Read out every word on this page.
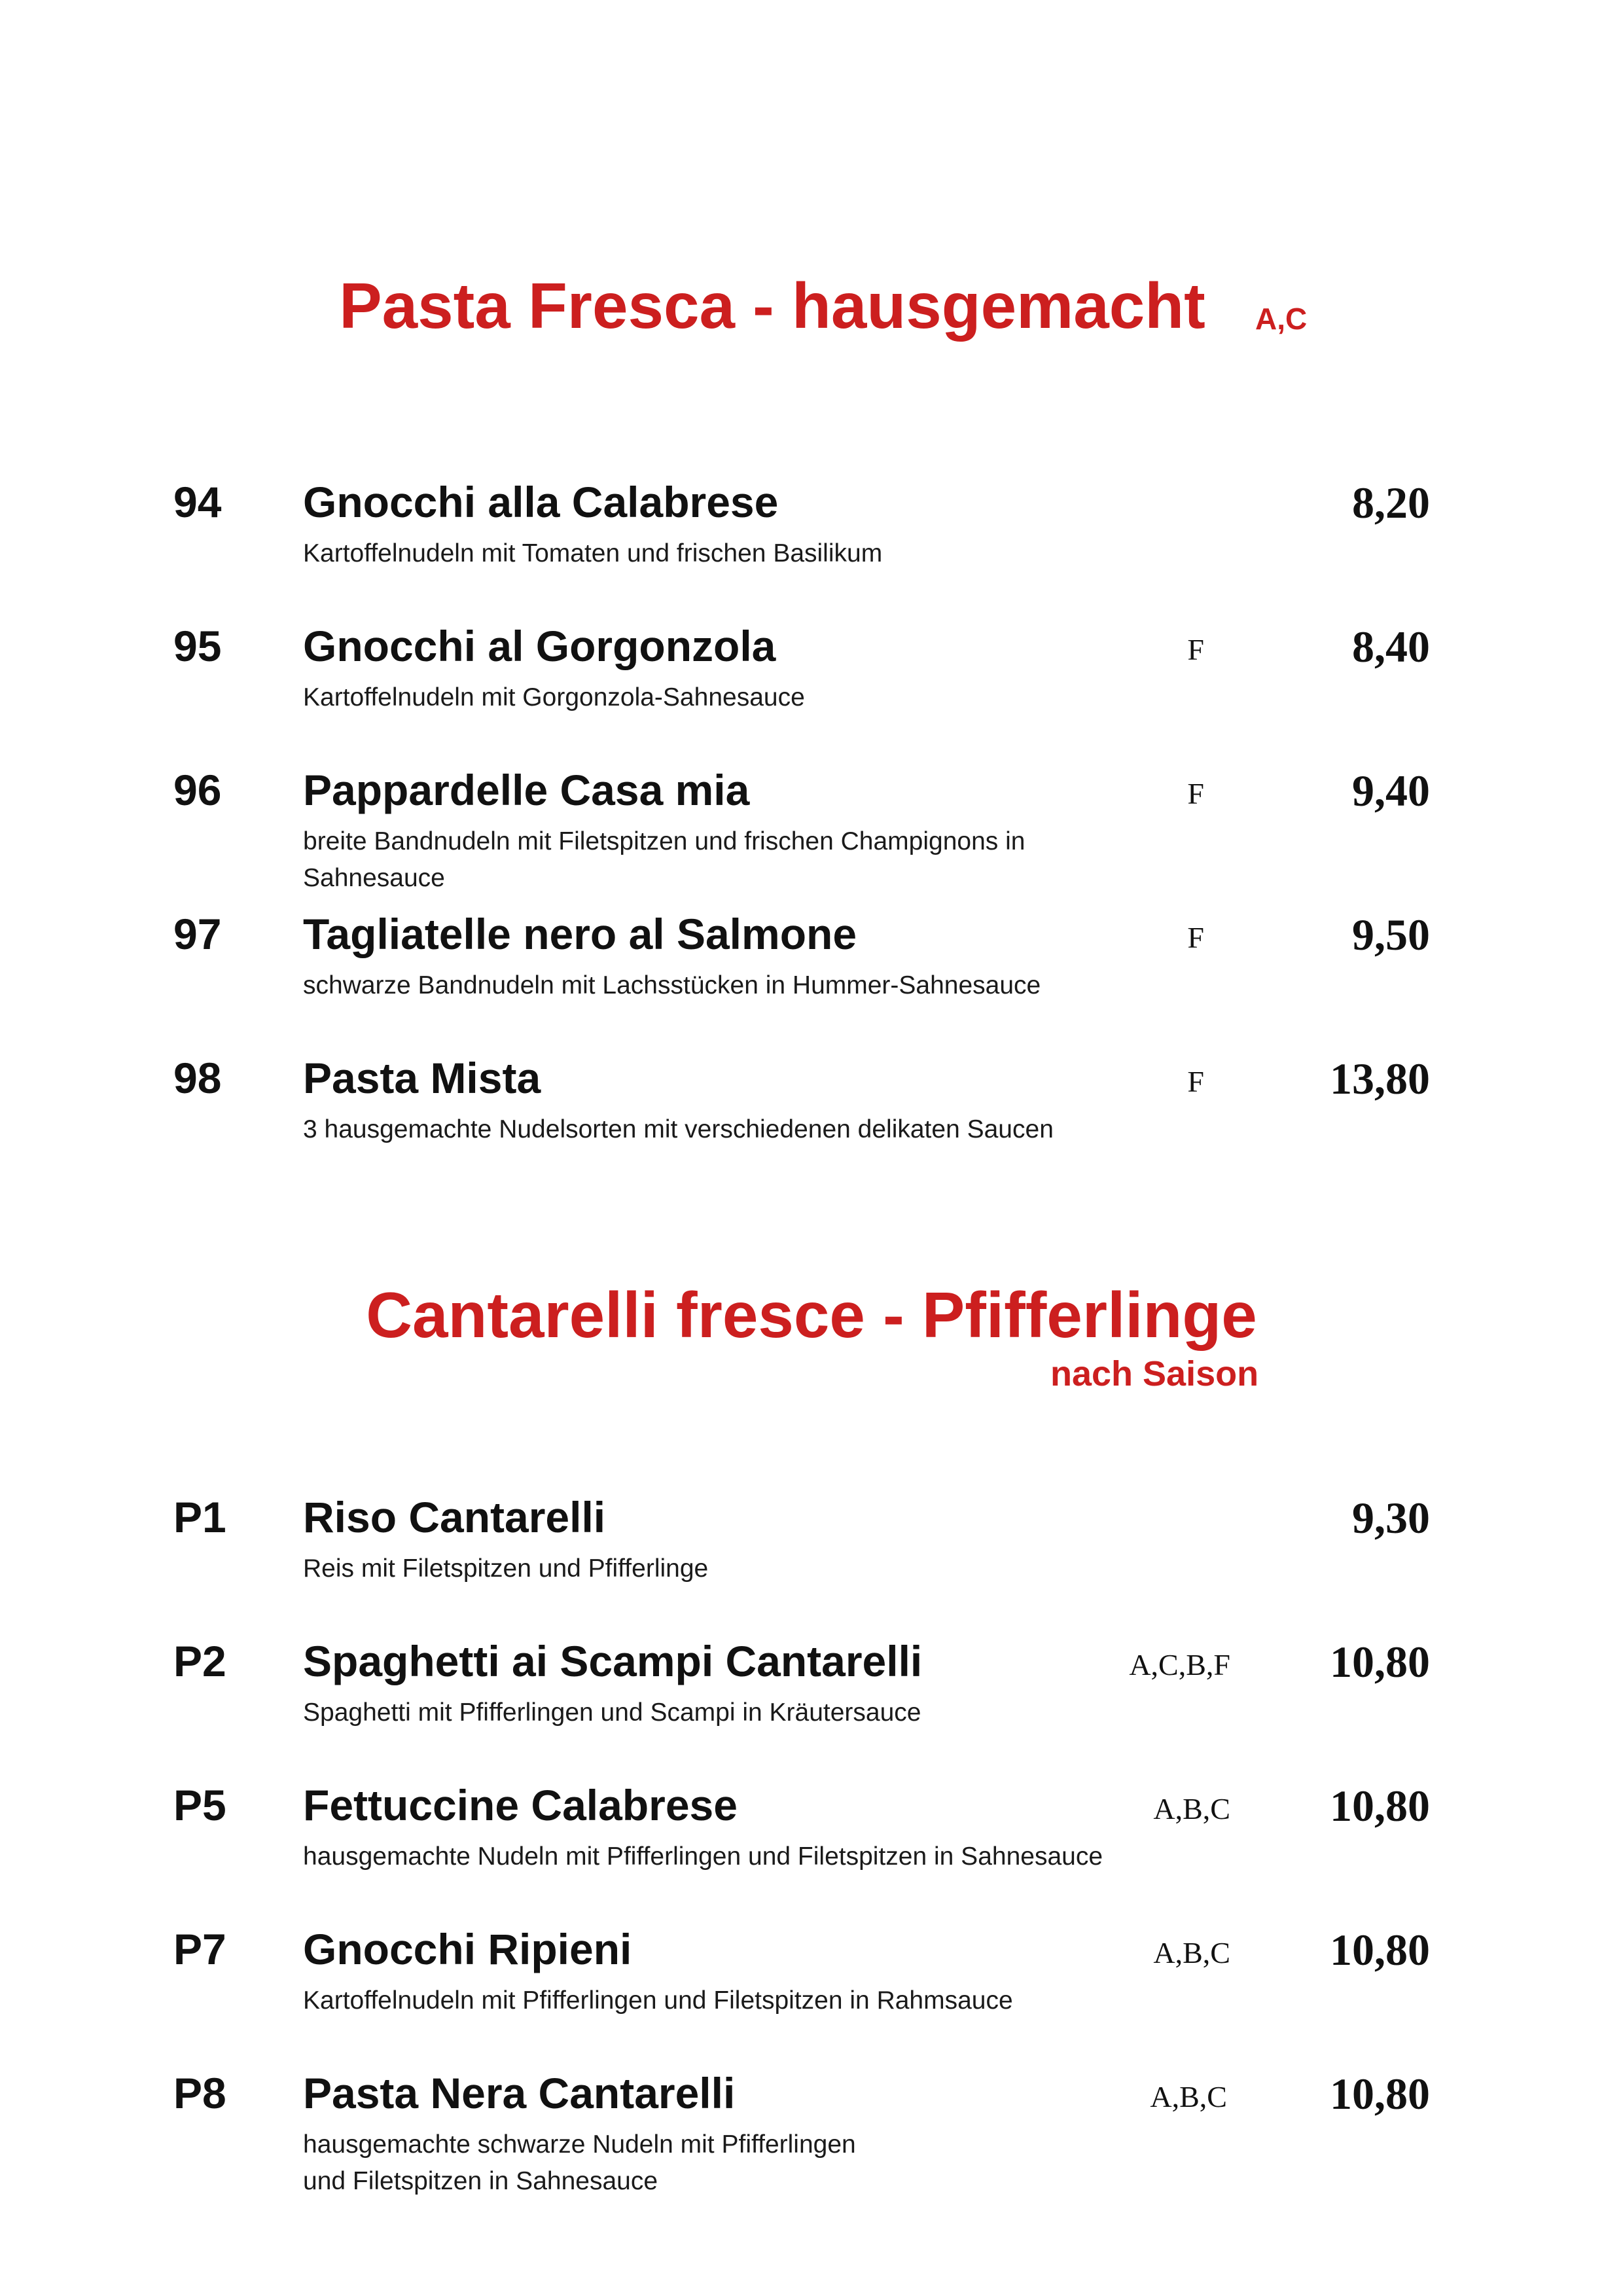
Pasta Fresca - hausgemacht	A,C
94 Gnocchi alla Calabrese	8,20
Kartoffelnudeln mit Tomaten und frischen Basilikum
95 Gnocchi al Gorgonzola	F	8,40
Kartoffelnudeln mit Gorgonzola-Sahnesauce
96 Pappardelle Casa mia	F	9,40
breite Bandnudeln mit Filetspitzen und frischen Champignons in Sahnesauce
97 Tagliatelle nero al Salmone	F	9,50
schwarze Bandnudeln mit Lachsstücken in Hummer-Sahnesauce
98 Pasta Mista	F	13,80
3 hausgemachte Nudelsorten mit verschiedenen delikaten Saucen
Cantarelli fresce - Pfifferlinge
nach Saison
P1 Riso Cantarelli	9,30
Reis mit Filetspitzen und Pfifferlinge
P2 Spaghetti ai Scampi Cantarelli	A,C,B,F 10,80
Spaghetti mit Pfifferlingen und Scampi in Kräutersauce
P5 Fettuccine Calabrese	A,B,C 10,80
hausgemachte Nudeln mit Pfifferlingen und Filetspitzen in Sahnesauce
P7 Gnocchi Ripieni	A,B,C 10,80
Kartoffelnudeln mit Pfifferlingen und Filetspitzen in Rahmsauce
P8 Pasta Nera Cantarelli	A,B,C 10,80
hausgemachte schwarze Nudeln mit Pfifferlingen und Filetspitzen in Sahnesauce
